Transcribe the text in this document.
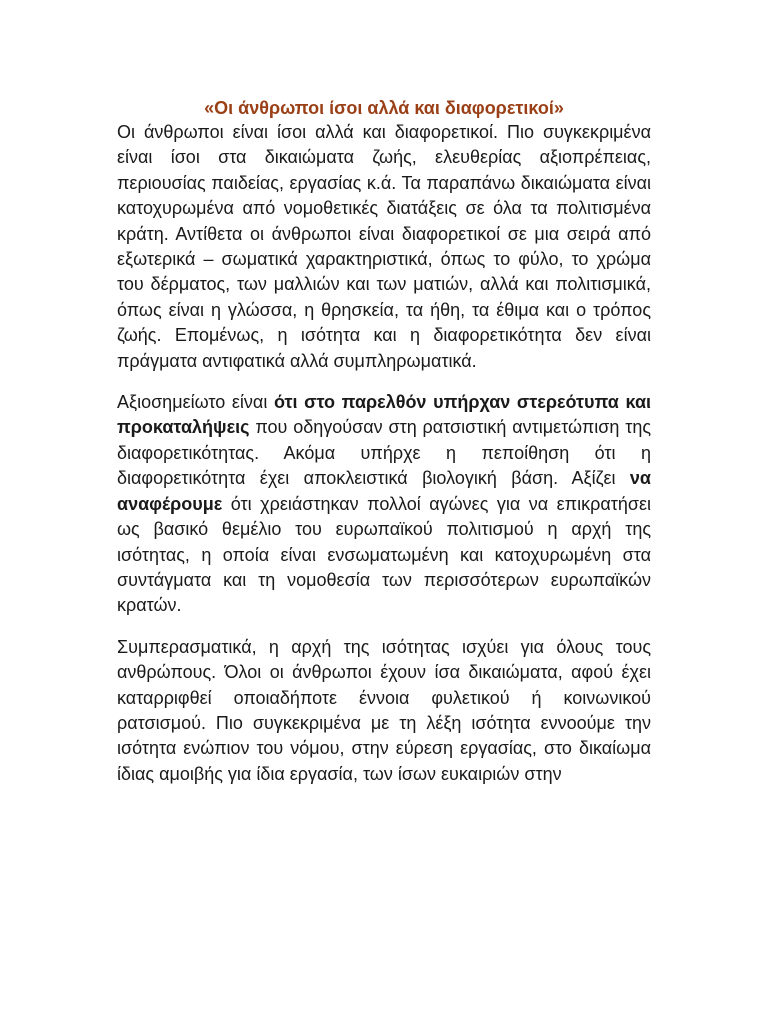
«Οι άνθρωποι ίσοι αλλά και διαφορετικοί»

Οι άνθρωποι είναι ίσοι αλλά και διαφορετικοί. Πιο συγκεκριμένα είναι ίσοι στα δικαιώματα ζωής, ελευθερίας αξιοπρέπειας, περιουσίας παιδείας, εργασίας κ.ά. Τα παραπάνω δικαιώματα είναι κατοχυρωμένα από νομοθετικές διατάξεις σε όλα τα πολιτισμένα κράτη. Αντίθετα οι άνθρωποι είναι διαφορετικοί σε μια σειρά από εξωτερικά – σωματικά χαρακτηριστικά, όπως το φύλο, το χρώμα του δέρματος, των μαλλιών και των ματιών, αλλά και πολιτισμικά, όπως είναι η γλώσσα, η θρησκεία, τα ήθη, τα έθιμα και ο τρόπος ζωής. Επομένως, η ισότητα και η διαφορετικότητα δεν είναι πράγματα αντιφατικά αλλά συμπληρωματικά.

Αξιοσημείωτο είναι ότι στο παρελθόν υπήρχαν στερεότυπα και προκαταλήψεις που οδηγούσαν στη ρατσιστική αντιμετώπιση της διαφορετικότητας. Ακόμα υπήρχε η πεποίθηση ότι η διαφορετικότητα έχει αποκλειστικά βιολογική βάση. Αξίζει να αναφέρουμε ότι χρειάστηκαν πολλοί αγώνες για να επικρατήσει ως βασικό θεμέλιο του ευρωπαϊκού πολιτισμού η αρχή της ισότητας, η οποία είναι ενσωματωμένη και κατοχυρωμένη στα συντάγματα και τη νομοθεσία των περισσότερων ευρωπαϊκών κρατών.

Συμπερασματικά, η αρχή της ισότητας ισχύει για όλους τους ανθρώπους. Όλοι οι άνθρωποι έχουν ίσα δικαιώματα, αφού έχει καταρριφθεί οποιαδήποτε έννοια φυλετικού ή κοινωνικού ρατσισμού. Πιο συγκεκριμένα με τη λέξη ισότητα εννοούμε την ισότητα ενώπιον του νόμου, στην εύρεση εργασίας, στο δικαίωμα ίδιας αμοιβής για ίδια εργασία, των ίσων ευκαιριών στην
